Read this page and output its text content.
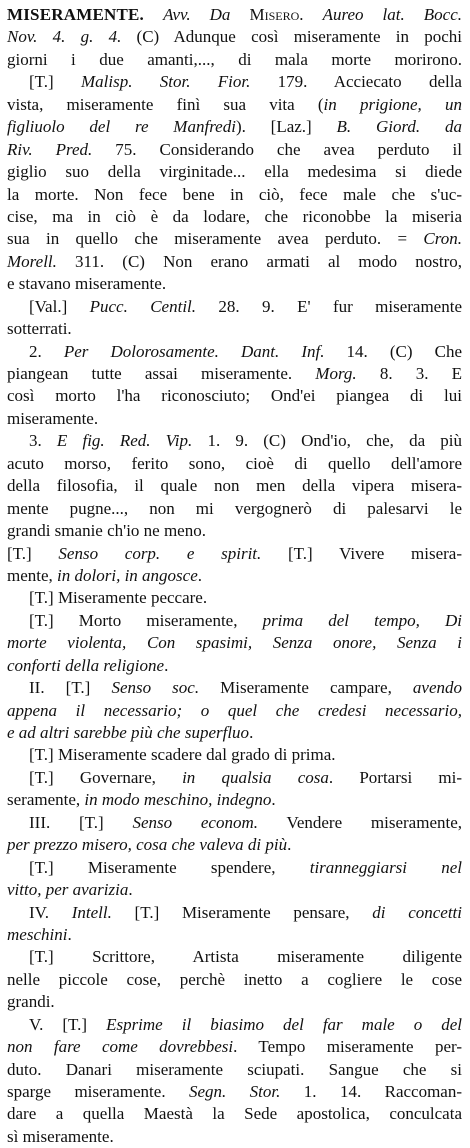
MISERAMENTE. Avv. Da Misero. Aureo lat. Bocc.
Nov. 4. g. 4. (C) Adunque così miseramente in pochi
giorni i due amanti,..., di mala morte morirono.
[T.] Malisp. Stor. Fior. 179. Acciecato della
vista, miseramente finì sua vita (in prigione, un
figliuolo del re Manfredi). [Laz.] B. Giord. da
Riv. Pred. 75. Considerando che avea perduto il
giglio suo della virginitade... ella medesima si diede
la morte. Non fece bene in ciò, fece male che s'uc-
cise, ma in ciò è da lodare, che riconobbe la miseria
sua in quello che miseramente avea perduto. = Cron.
Morell. 311. (C) Non erano armati al modo nostro,
e stavano miseramente.
[Val.] Pucc. Centil. 28. 9. E' fur miseramente
sotterrati.
2. Per Dolorosamente. Dant. Inf. 14. (C) Che
piangean tutte assai miseramente. Morg. 8. 3. E
così morto l'ha riconosciuto; Ond'ei piangea di lui
miseramente.
3. E fig. Red. Vip. 1. 9. (C) Ond'io, che, da più
acuto morso, ferito sono, cioè di quello dell'amore
della filosofia, il quale non men della vipera misera-
mente pugne..., non mi vergognerò di palesarvi le
grandi smanie ch'io ne meno.
[T.] Senso corp. e spirit. [T.] Vivere misera-
mente, in dolori, in angosce.
[T.] Miseramente peccare.
[T.] Morto miseramente, prima del tempo, Di
morte violenta, Con spasimi, Senza onore, Senza i
conforti della religione.
II. [T.] Senso soc. Miseramente campare, avendo
appena il necessario; o quel che credesi necessario,
e ad altri sarebbe più che superfluo.
[T.] Miseramente scadere dal grado di prima.
[T.] Governare, in qualsia cosa. Portarsi mi-
seramente, in modo meschino, indegno.
III. [T.] Senso econom. Vendere miseramente,
per prezzo misero, cosa che valeva di più.
[T.] Miseramente spendere, tiranneggiarsi nel
vitto, per avarizia.
IV. Intell. [T.] Miseramente pensare, di concetti
meschini.
[T.] Scrittore, Artista miseramente diligente
nelle piccole cose, perchè inetto a cogliere le cose
grandi.
V. [T.] Esprime il biasimo del far male o del
non fare come dovrebbesi. Tempo miseramente per-
duto. Danari miseramente sciupati. Sangue che si
sparge miseramente. Segn. Stor. 1. 14. Raccoman-
dare a quella Maestà la Sede apostolica, conculcata
sì miseramente.
